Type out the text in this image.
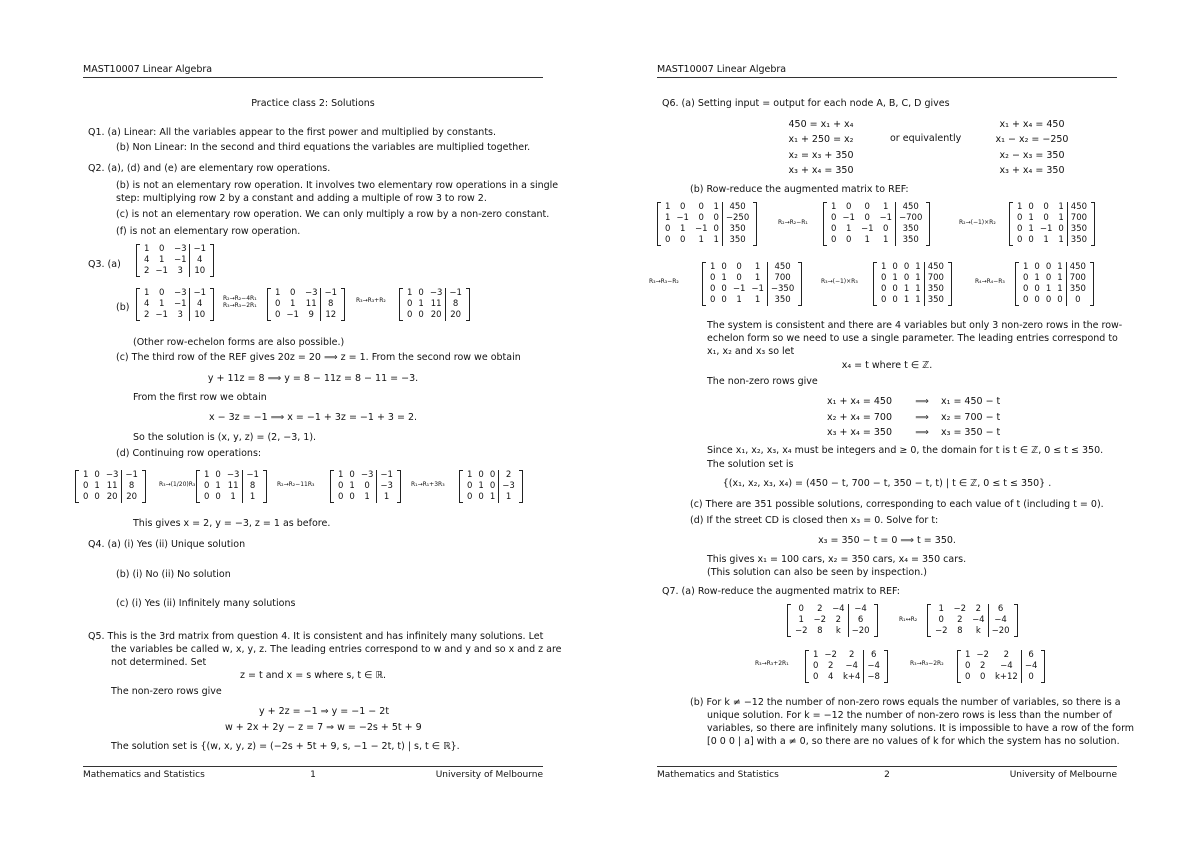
MAST10007 Linear Algebra
Practice class 2: Solutions
Q1. (a) Linear: All the variables appear to the first power and multiplied by constants.
(b) Non Linear: In the second and third equations the variables are multiplied together.
Q2. (a), (d) and (e) are elementary row operations.
(b) is not an elementary row operation. It involves two elementary row operations in a single
step: multiplying row 2 by a constant and adding a multiple of row 3 to row 2.
(c) is not an elementary row operation. We can only multiply a row by a non-zero constant.
(f) is not an elementary row operation.
Q3. (a)
1	0	−3	−1
4	1	−1	4
2	−1	3	10
(b)
1	0	−3	−1
4	1	−1	4
2	−1	3	10
R₂→R₂−4R₁
R₃→R₃−2R₁
1	0	−3	−1
0	1	11	8
0	−1	9	12
R₃→R₃+R₂
1	0	−3	−1
0	1	11	8
0	0	20	20
(Other row-echelon forms are also possible.)
(c) The third row of the REF gives 20z = 20 ⟹ z = 1. From the second row we obtain
y + 11z = 8 ⟹ y = 8 − 11z = 8 − 11 = −3.
From the first row we obtain
x − 3z = −1 ⟹ x = −1 + 3z = −1 + 3 = 2.
So the solution is (x, y, z) = (2, −3, 1).
(d) Continuing row operations:
1	0	−3	−1
0	1	11	8
0	0	20	20
R₃→(1/20)R₃
1	0	−3	−1
0	1	11	8
0	0	1	1
R₂→R₂−11R₃
1	0	−3	−1
0	1	0	−3
0	0	1	1
R₁→R₁+3R₃
1	0	0	2
0	1	0	−3
0	0	1	1
This gives x = 2, y = −3, z = 1 as before.
Q4. (a) (i) Yes (ii) Unique solution
(b) (i) No (ii) No solution
(c) (i) Yes (ii) Infinitely many solutions
Q5. This is the 3rd matrix from question 4. It is consistent and has infinitely many solutions. Let
the variables be called w, x, y, z. The leading entries correspond to w and y and so x and z are
not determined. Set
z = t and x = s where s, t ∈ ℝ.
The non-zero rows give
y + 2z = −1 ⇒ y = −1 − 2t
w + 2x + 2y − z = 7 ⇒ w = −2s + 5t + 9
The solution set is {(w, x, y, z) = (−2s + 5t + 9, s, −1 − 2t, t) | s, t ∈ ℝ}.
Mathematics and Statistics	1	University of Melbourne
MAST10007 Linear Algebra
Q6. (a) Setting input = output for each node A, B, C, D gives
450 = x₁ + x₄
x₁ + 250 = x₂
x₂ = x₃ + 350
x₃ + x₄ = 350
or equivalently
x₁ + x₄ = 450
x₁ − x₂ = −250
x₂ − x₃ = 350
x₃ + x₄ = 350
(b) Row-reduce the augmented matrix to REF:
1	0	0	1	450
1	−1	0	0	−250
0	1	−1	0	350
0	0	1	1	350
R₂→R₂−R₁
1	0	0	1	450
0	−1	0	−1	−700
0	1	−1	0	350
0	0	1	1	350
R₂→(−1)×R₂
1	0	0	1	450
0	1	0	1	700
0	1	−1	0	350
0	0	1	1	350
R₃→R₃−R₂
1	0	0	1	450
0	1	0	1	700
0	0	−1	−1	−350
0	0	1	1	350
R₃→(−1)×R₃
1	0	0	1	450
0	1	0	1	700
0	0	1	1	350
0	0	1	1	350
R₄→R₄−R₃
1	0	0	1	450
0	1	0	1	700
0	0	1	1	350
0	0	0	0	0
The system is consistent and there are 4 variables but only 3 non-zero rows in the row-
echelon form so we need to use a single parameter. The leading entries correspond to
x₁, x₂ and x₃ so let
x₄ = t where t ∈ ℤ.
The non-zero rows give
x₁ + x₄ = 450 ⟹ x₁ = 450 − t
x₂ + x₄ = 700 ⟹ x₂ = 700 − t
x₃ + x₄ = 350 ⟹ x₃ = 350 − t
Since x₁, x₂, x₃, x₄ must be integers and ≥ 0, the domain for t is t ∈ ℤ, 0 ≤ t ≤ 350.
The solution set is
{(x₁, x₂, x₃, x₄) = (450 − t, 700 − t, 350 − t, t) | t ∈ ℤ, 0 ≤ t ≤ 350} .
(c) There are 351 possible solutions, corresponding to each value of t (including t = 0).
(d) If the street CD is closed then x₃ = 0. Solve for t:
x₃ = 350 − t = 0 ⟹ t = 350.
This gives x₁ = 100 cars, x₂ = 350 cars, x₄ = 350 cars.
(This solution can also be seen by inspection.)
Q7. (a) Row-reduce the augmented matrix to REF:
0	2	−4	−4
1	−2	2	6
−2	8	k	−20
R₁↔R₂
1	−2	2	6
0	2	−4	−4
−2	8	k	−20
R₃→R₃+2R₁
1	−2	2	6
0	2	−4	−4
0	4	k+4	−8
R₃→R₃−2R₂
1	−2	2	6
0	2	−4	−4
0	0	k+12	0
(b) For k ≠ −12 the number of non-zero rows equals the number of variables, so there is a
unique solution. For k = −12 the number of non-zero rows is less than the number of
variables, so there are infinitely many solutions. It is impossible to have a row of the form
[0 0 0 | a] with a ≠ 0, so there are no values of k for which the system has no solution.
Mathematics and Statistics	2	University of Melbourne
